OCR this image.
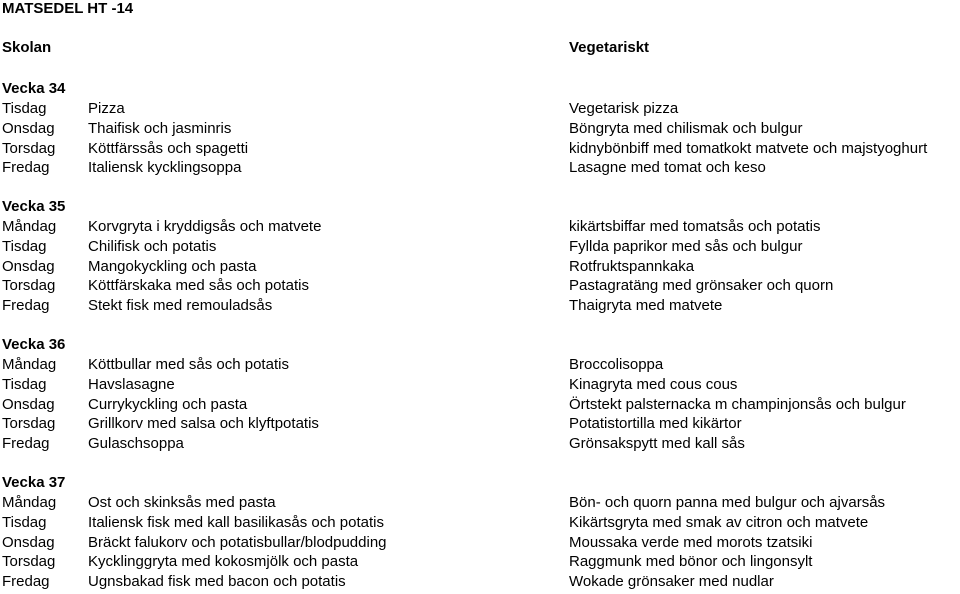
MATSEDEL HT -14
Skolan	Vegetariskt
Vecka 34
Tisdag	Pizza	Vegetarisk pizza
Onsdag Thaifisk och jasminris	Böngryta med chilismak och bulgur
Torsdag Köttfärssås och spagetti	kidnybönbiff med tomatkokt matvete och majstyoghurt
Fredag	Italiensk kycklingsoppa	Lasagne med tomat och keso
Vecka 35
Måndag Korvgryta i kryddigsås och matvete	kikärtsbiffar med tomatsås och potatis
Tisdag	Chilifisk och potatis	Fyllda paprikor med sås och bulgur
Onsdag Mangokyckling och pasta	Rotfruktspannkaka
Torsdag Köttfärskaka med sås och potatis	Pastagratäng med grönsaker och quorn
Fredag	Stekt fisk med remouladsås	Thaigryta med matvete
Vecka 36
Måndag Köttbullar med sås och potatis	Broccolisoppa
Tisdag	Havslasagne	Kinagryta med cous cous
Onsdag Currykyckling och pasta	Örtstekt palsternacka m champinjonsås och bulgur
Torsdag Grillkorv med salsa och klyftpotatis	Potatistortilla med kikärtor
Fredag	Gulaschsoppa	Grönsakspytt med kall sås
Vecka 37
Måndag Ost och skinksås med pasta	Bön- och quorn panna med bulgur och ajvarsås
Tisdag	Italiensk fisk med kall basilikasås och potatis	Kikärtsgryta med smak av citron och matvete
Onsdag Bräckt falukorv och potatisbullar/blodpudding	Moussaka verde med morots tzatsiki
Torsdag Kycklinggryta med kokosmjölk och pasta	Raggmunk med bönor och lingonsylt
Fredag	Ugnsbakad fisk med bacon och potatis	Wokade grönsaker med nudlar
